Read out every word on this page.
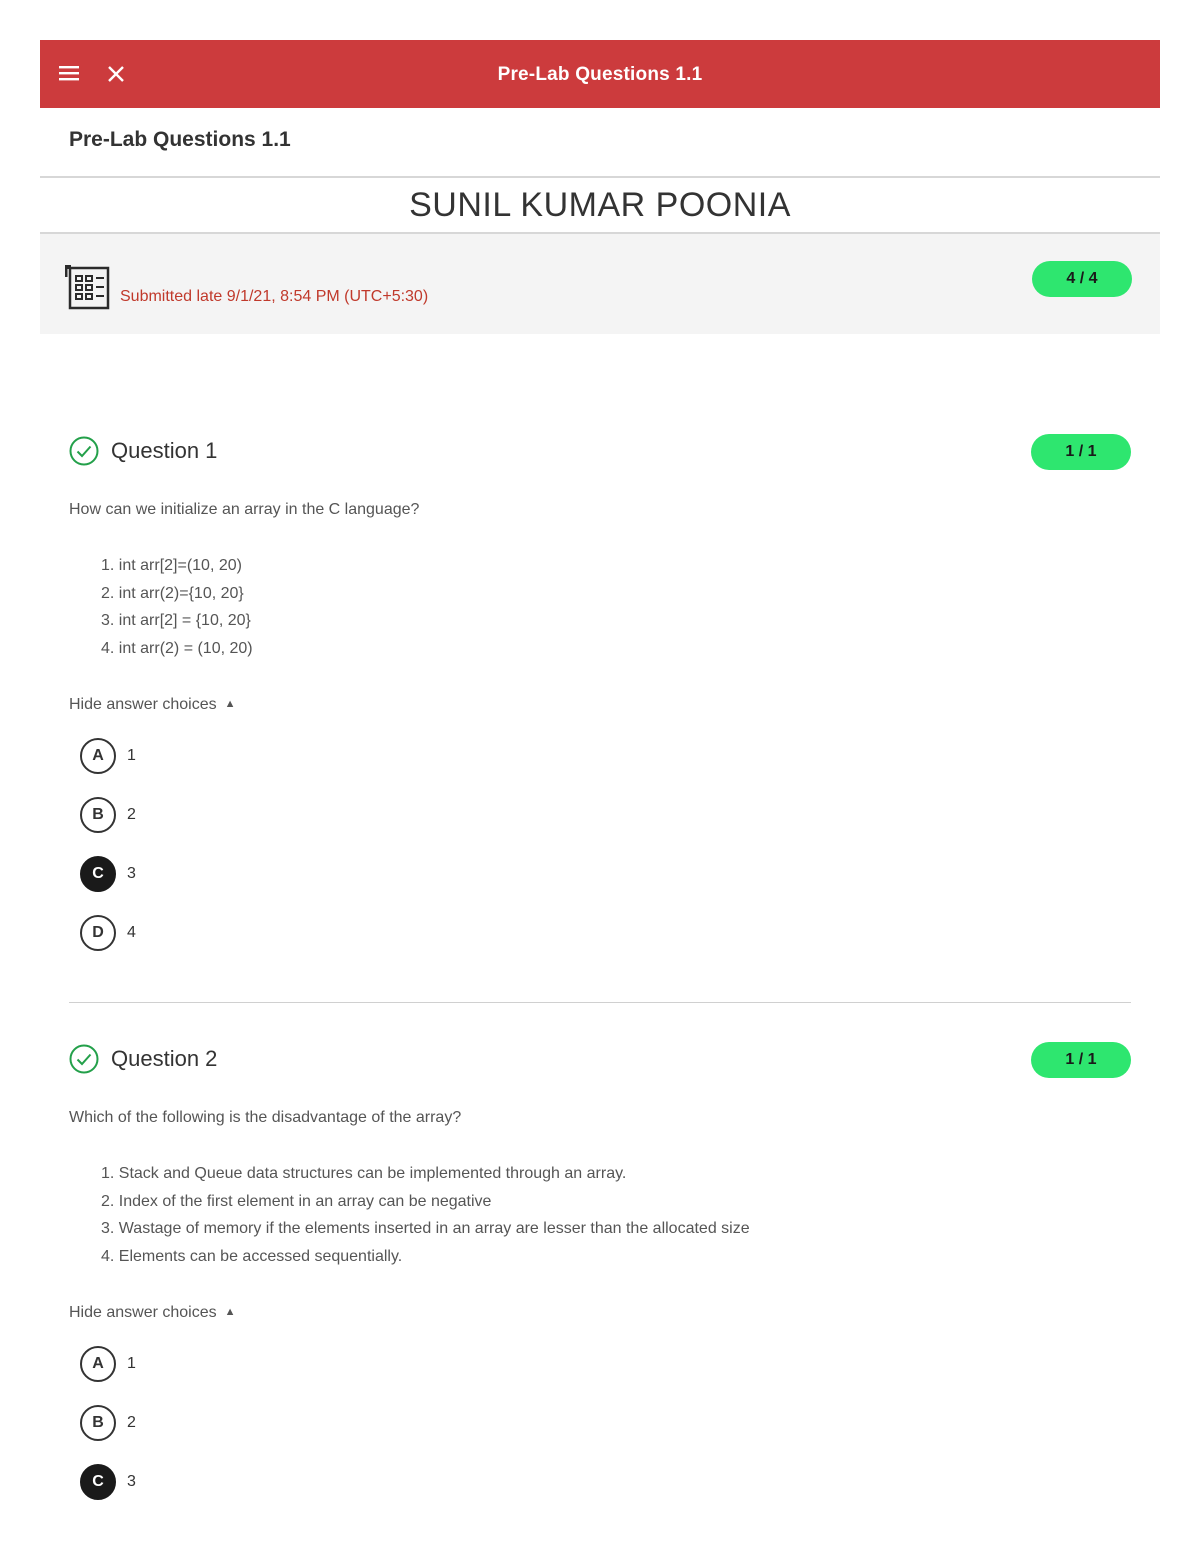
Pre-Lab Questions 1.1
Pre-Lab Questions 1.1
SUNIL KUMAR POONIA
Final Grade
Submitted late 9/1/21, 8:54 PM (UTC+5:30)
4 / 4
Question 1	1 / 1
How can we initialize an array in the C language?
1. int arr[2]=(10, 20)
2. int arr(2)={10, 20}
3. int arr[2] = {10, 20}
4. int arr(2) = (10, 20)
Hide answer choices ▲
A	1
B	2
C	3
D	4
Question 2	1 / 1
Which of the following is the disadvantage of the array?
1. Stack and Queue data structures can be implemented through an array.
2. Index of the first element in an array can be negative
3. Wastage of memory if the elements inserted in an array are lesser than the allocated size
4. Elements can be accessed sequentially.
Hide answer choices ▲
A	1
B	2
C	3
